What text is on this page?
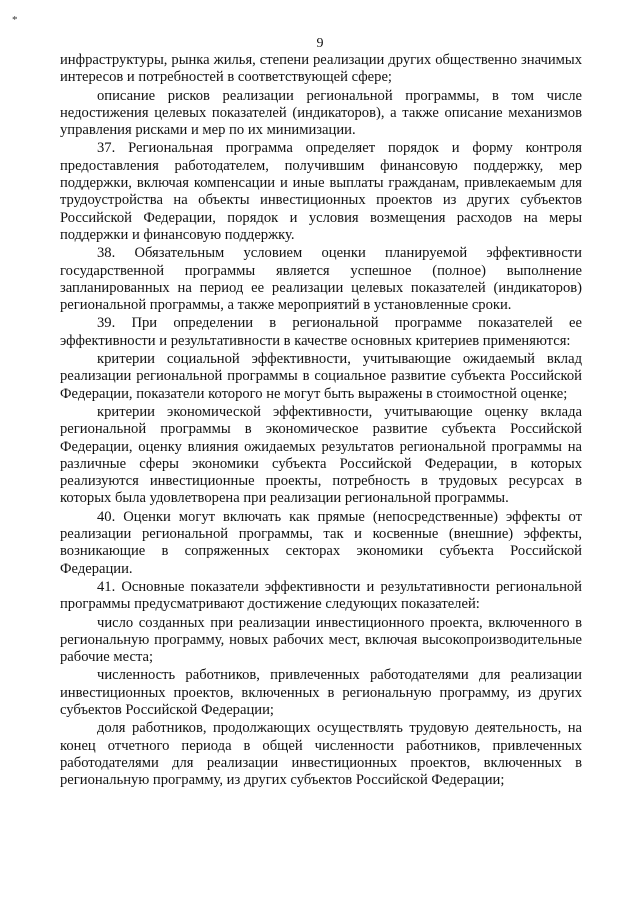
*
9

инфраструктуры, рынка жилья, степени реализации других общественно значимых интересов и потребностей в соответствующей сфере;

описание рисков реализации региональной программы, в том числе недостижения целевых показателей (индикаторов), а также описание механизмов управления рисками и мер по их минимизации.

37. Региональная программа определяет порядок и форму контроля предоставления работодателем, получившим финансовую поддержку, мер поддержки, включая компенсации и иные выплаты гражданам, привлекаемым для трудоустройства на объекты инвестиционных проектов из других субъектов Российской Федерации, порядок и условия возмещения расходов на меры поддержки и финансовую поддержку.

38. Обязательным условием оценки планируемой эффективности государственной программы является успешное (полное) выполнение запланированных на период ее реализации целевых показателей (индикаторов) региональной программы, а также мероприятий в установленные сроки.

39. При определении в региональной программе показателей ее эффективности и результативности в качестве основных критериев применяются:

критерии социальной эффективности, учитывающие ожидаемый вклад реализации региональной программы в социальное развитие субъекта Российской Федерации, показатели которого не могут быть выражены в стоимостной оценке;

критерии экономической эффективности, учитывающие оценку вклада региональной программы в экономическое развитие субъекта Российской Федерации, оценку влияния ожидаемых результатов региональной программы на различные сферы экономики субъекта Российской Федерации, в которых реализуются инвестиционные проекты, потребность в трудовых ресурсах в которых была удовлетворена при реализации региональной программы.

40. Оценки могут включать как прямые (непосредственные) эффекты от реализации региональной программы, так и косвенные (внешние) эффекты, возникающие в сопряженных секторах экономики субъекта Российской Федерации.

41. Основные показатели эффективности и результативности региональной программы предусматривают достижение следующих показателей:

число созданных при реализации инвестиционного проекта, включенного в региональную программу, новых рабочих мест, включая высокопроизводительные рабочие места;

численность работников, привлеченных работодателями для реализации инвестиционных проектов, включенных в региональную программу, из других субъектов Российской Федерации;

доля работников, продолжающих осуществлять трудовую деятельность, на конец отчетного периода в общей численности работников, привлеченных работодателями для реализации инвестиционных проектов, включенных в региональную программу, из других субъектов Российской Федерации;
